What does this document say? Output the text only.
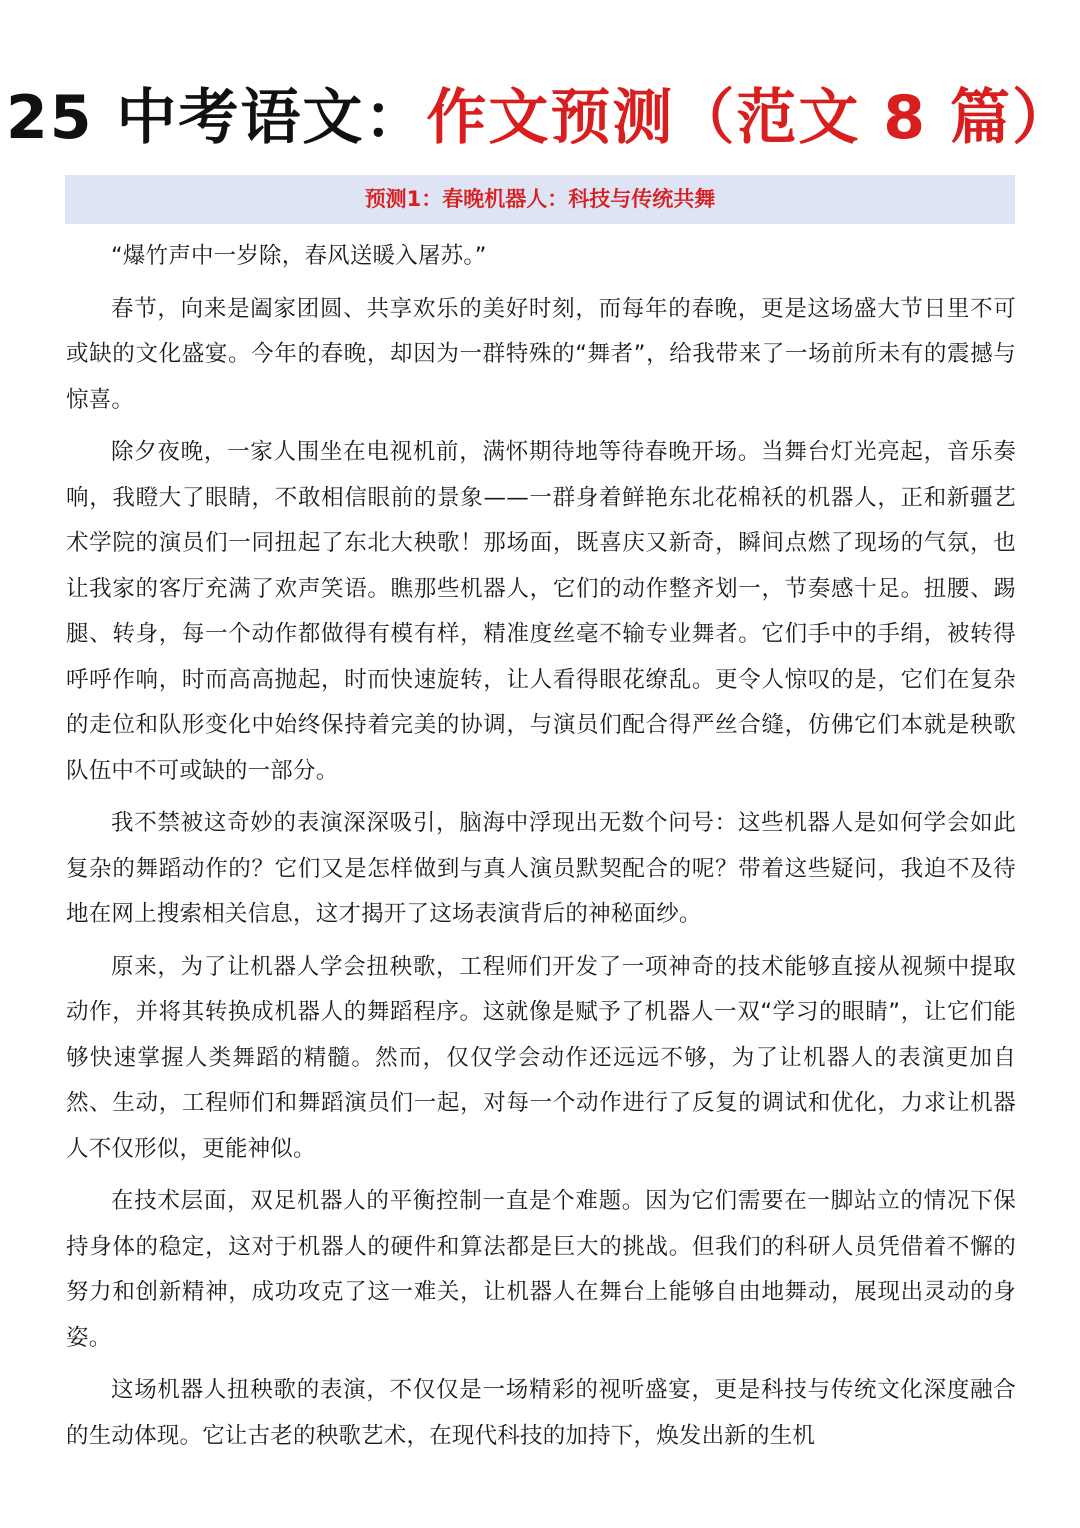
25 中考语文：作文预测（范文 8 篇）
预测1：春晚机器人：科技与传统共舞

“爆竹声中一岁除，春风送暖入屠苏。”

春节，向来是阖家团圆、共享欢乐的美好时刻，而每年的春晚，更是这场盛大节日里不可或缺的文化盛宴。今年的春晚，却因为一群特殊的“舞者”，给我带来了一场前所未有的震撼与惊喜。

除夕夜晚，一家人围坐在电视机前，满怀期待地等待春晚开场。当舞台灯光亮起，音乐奏响，我瞪大了眼睛，不敢相信眼前的景象——一群身着鲜艳东北花棉袄的机器人，正和新疆艺术学院的演员们一同扭起了东北大秧歌！那场面，既喜庆又新奇，瞬间点燃了现场的气氛，也让我家的客厅充满了欢声笑语。瞧那些机器人，它们的动作整齐划一，节奏感十足。扭腰、踢腿、转身，每一个动作都做得有模有样，精准度丝毫不输专业舞者。它们手中的手绢，被转得呼呼作响，时而高高抛起，时而快速旋转，让人看得眼花缭乱。更令人惊叹的是，它们在复杂的走位和队形变化中始终保持着完美的协调，与演员们配合得严丝合缝，仿佛它们本就是秧歌队伍中不可或缺的一部分。

我不禁被这奇妙的表演深深吸引，脑海中浮现出无数个问号：这些机器人是如何学会如此复杂的舞蹈动作的？它们又是怎样做到与真人演员默契配合的呢？带着这些疑问，我迫不及待地在网上搜索相关信息，这才揭开了这场表演背后的神秘面纱。

原来，为了让机器人学会扭秧歌，工程师们开发了一项神奇的技术能够直接从视频中提取动作，并将其转换成机器人的舞蹈程序。这就像是赋予了机器人一双“学习的眼睛”，让它们能够快速掌握人类舞蹈的精髓。然而，仅仅学会动作还远远不够，为了让机器人的表演更加自然、生动，工程师们和舞蹈演员们一起，对每一个动作进行了反复的调试和优化，力求让机器人不仅形似，更能神似。

在技术层面，双足机器人的平衡控制一直是个难题。因为它们需要在一脚站立的情况下保持身体的稳定，这对于机器人的硬件和算法都是巨大的挑战。但我们的科研人员凭借着不懈的努力和创新精神，成功攻克了这一难关，让机器人在舞台上能够自由地舞动，展现出灵动的身姿。

这场机器人扭秧歌的表演，不仅仅是一场精彩的视听盛宴，更是科技与传统文化深度融合的生动体现。它让古老的秧歌艺术，在现代科技的加持下，焕发出新的生机
